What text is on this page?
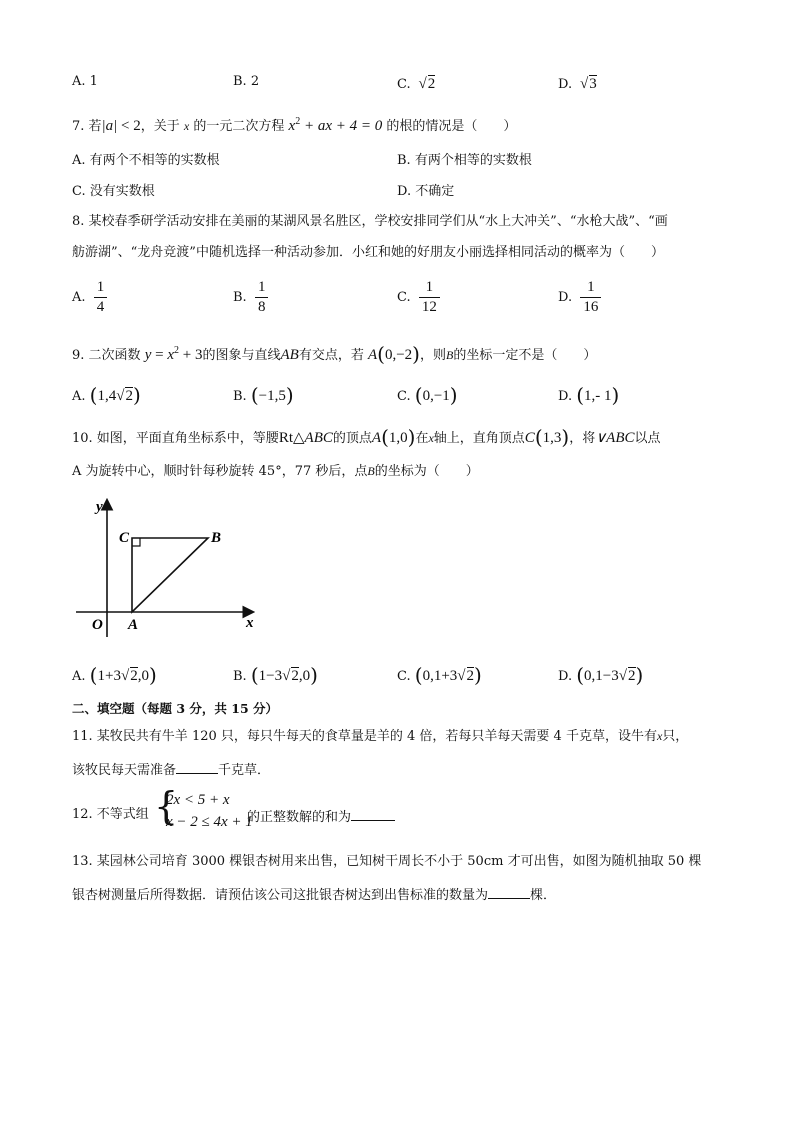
A. 1	B. 2	C.  √2	D.  √3
7. 若|a| < 2，关于 x 的一元二次方程 $x^2$ + ax + 4 = 0 的根的情况是（　　）
A. 有两个不相等的实数根	B. 有两个相等的实数根
C. 没有实数根	D. 不确定
8. 某校春季研学活动安排在美丽的某湖风景名胜区，学校安排同学们从“水上大冲关”、“水枪大战”、“画
舫游湖”、“龙舟竞渡”中随机选择一种活动参加．小红和她的好朋友小丽选择相同活动的概率为（　　）
A. $\frac{1}{4}$	B. $\frac{1}{8}$	C. $\frac{1}{12}$	D. $\frac{1}{16}$
9. 二次函数 $y = x^2 + 3$的图象与直线AB有交点，若 A(0,−2)，则B的坐标一定不是（　　）
A. (1,4√2)	B. (−1,5)	C. (0,−1)	D. (1,‐ 1)
10. 如图，平面直角坐标系中，等腰Rt△ABC的顶点A(1,0)在x轴上，直角顶点C(1,3)，将∨ABC以点
A 为旋转中心，顺时针每秒旋转 45°，77 秒后，点B的坐标为（　　）
y
x
O A
B
C
A. (1+3√2,0)	B. (1−3√2,0)	C. (0,1+3√2)	D. (0,1−3√2)
二、填空题（每题 3 分，共 15 分）
11. 某牧民共有牛羊 120 只，每只牛每天的食草量是羊的 4 倍，若每只羊每天需要 4 千克草，设牛有x只，
该牧民每天需准备	千克草．
12. 不等式组 {
2x < 5 + x
x − 2 ≤ 4x + 1
的正整数解的和为
13. 某园林公司培育 3000 棵银杏树用来出售，已知树干周长不小于 50cm 才可出售，如图为随机抽取 50 棵
银杏树测量后所得数据．请预估该公司这批银杏树达到出售标准的数量为	棵．
